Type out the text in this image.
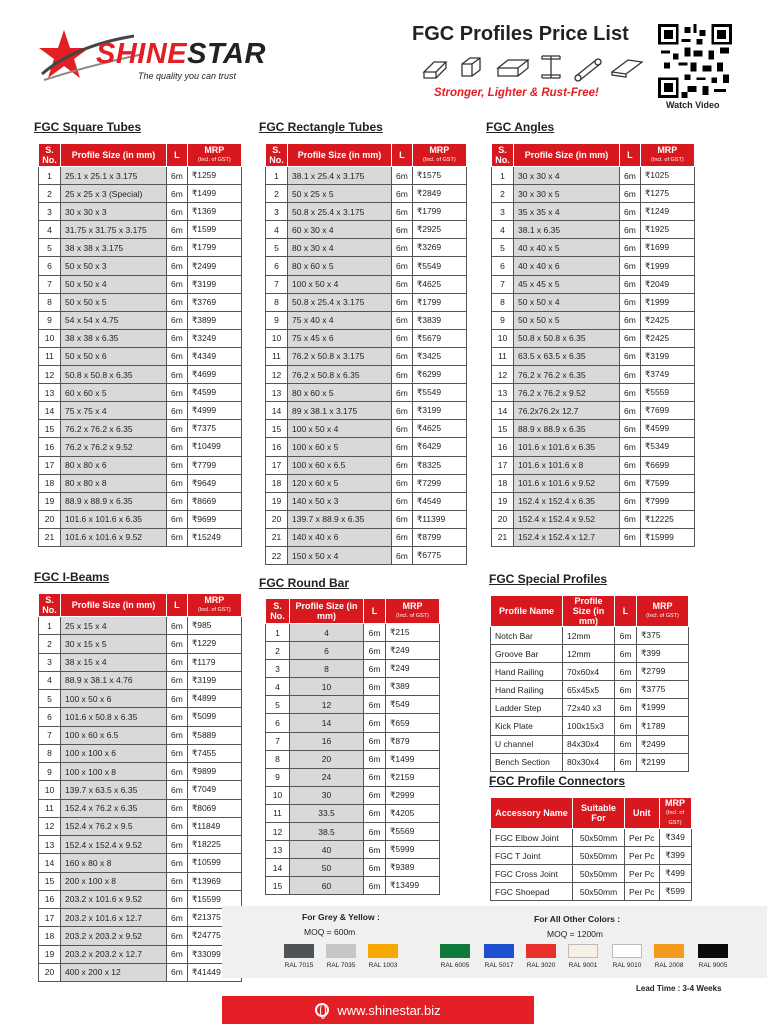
SHINESTAR
The quality you can trust
FGC Profiles Price List
Stronger, Lighter & Rust-Free!
Watch Video
FGC Square Tubes	FGC Rectangle Tubes	FGC Angles
FGC I-Beams	FGC Round Bar	FGC Special Profiles
FGC Profile Connectors
S. No.	Profile Size (in mm)	L	MRP
(Incl. of GST)

1	25.1 x 25.1 x 3.175	6m	₹1259
2	25 x 25 x 3 (Special)	6m	₹1499
3	30 x 30 x 3	6m	₹1369
4	31.75 x 31.75 x 3.175	6m	₹1599
5	38 x 38 x 3.175	6m	₹1799
6	50 x 50 x 3	6m	₹2499
7	50 x 50 x 4	6m	₹3199
8	50 x 50 x 5	6m	₹3769
9	54 x 54 x 4.75	6m	₹3899
10	38 x 38 x 6.35	6m	₹3249
11	50 x 50 x 6	6m	₹4349
12	50.8 x 50.8 x 6.35	6m	₹4699
13	60 x 60 x 5	6m	₹4599
14	75 x 75 x 4	6m	₹4999
15	76.2 x 76.2 x 6.35	6m	₹7375
16	76.2 x 76.2 x 9.52	6m	₹10499
17	80 x 80 x 6	6m	₹7799
18	80 x 80 x 8	6m	₹9649
19	88.9 x 88.9 x 6.35	6m	₹8669
20	101.6 x 101.6 x 6.35	6m	₹9699
21	101.6 x 101.6 x 9.52	6m	₹15249
S. No.	Profile Size (in mm)	L	MRP
(Incl. of GST)

1	38.1 x 25.4 x 3.175	6m	₹1575
2	50 x 25 x 5	6m	₹2849
3	50.8 x 25.4 x 3.175	6m	₹1799
4	60 x 30 x 4	6m	₹2925
5	80 x 30 x 4	6m	₹3269
6	80 x 60 x 5	6m	₹5549
7	100 x 50 x 4	6m	₹4625
8	50.8 x 25.4 x 3.175	6m	₹1799
9	75 x 40 x 4	6m	₹3839
10	75 x 45 x 6	6m	₹5679
11	76.2 x 50.8 x 3.175	6m	₹3425
12	76.2 x 50.8 x 6.35	6m	₹6299
13	80 x 60 x 5	6m	₹5549
14	89 x 38.1 x 3.175	6m	₹3199
15	100 x 50 x 4	6m	₹4625
16	100 x 60 x 5	6m	₹6429
17	100 x 60 x 6.5	6m	₹8325
18	120 x 60 x 5	6m	₹7299
19	140 x 50 x 3	6m	₹4549
20	139.7 x 88.9 x 6.35	6m	₹11399
21	140 x 40 x 6	6m	₹8799
22	150 x 50 x 4	6m	₹6775
S. No.	Profile Size (in mm)	L	MRP
(Incl. of GST)

1	30 x 30 x 4	6m	₹1025
2	30 x 30 x 5	6m	₹1275
3	35 x 35 x 4	6m	₹1249
4	38.1 x 6.35	6m	₹1925
5	40 x 40 x 5	6m	₹1699
6	40 x 40 x 6	6m	₹1999
7	45 x 45 x 5	6m	₹2049
8	50 x 50 x 4	6m	₹1999
9	50 x 50 x 5	6m	₹2425
10	50.8 x 50.8 x 6.35	6m	₹2425
11	63.5 x 63.5 x 6.35	6m	₹3199
12	76.2 x 76.2 x 6.35	6m	₹3749
13	76.2 x 76.2 x 9.52	6m	₹5559
14	76.2x76.2x 12.7	6m	₹7699
15	88.9 x 88.9 x 6.35	6m	₹4599
16	101.6 x 101.6 x 6.35	6m	₹5349
17	101.6 x 101.6 x 8	6m	₹6699
18	101.6 x 101.6 x 9.52	6m	₹7599
19	152.4 x 152.4 x 6.35	6m	₹7999
20	152.4 x 152.4 x 9.52	6m	₹12225
21	152.4 x 152.4 x 12.7	6m	₹15999
S. No.	Profile Size (in mm)	L	MRP
(Incl. of GST)

1	25 x 15 x 4	6m	₹985
2	30 x 15 x 5	6m	₹1229
3	38 x 15 x 4	6m	₹1179
4	88.9 x 38.1 x 4.76	6m	₹3199
5	100 x 50 x 6	6m	₹4899
6	101.6 x 50.8 x 6.35	6m	₹5099
7	100 x 60 x 6.5	6m	₹5889
8	100 x 100 x 6	6m	₹7455
9	100 x 100 x 8	6m	₹9899
10	139.7 x 63.5 x 6.35	6m	₹7049
11	152.4 x 76.2 x 6.35	6m	₹8069
12	152.4 x 76.2 x 9.5	6m	₹11849
13	152.4 x 152.4 x 9.52	6m	₹18225
14	160 x 80 x 8	6m	₹10599
15	200 x 100 x 8	6m	₹13969
16	203.2 x 101.6 x 9.52	6m	₹15599
17	203.2 x 101.6 x 12.7	6m	₹21375
18	203.2 x 203.2 x 9.52	6m	₹24775
19	203.2 x 203.2 x 12.7	6m	₹33099
20	400 x 200 x 12	6m	₹41449
S. No.	Profile Size (in mm)	L	MRP
(Incl. of GST)

1	4	6m	₹215
2	6	6m	₹249
3	8	6m	₹249
4	10	6m	₹389
5	12	6m	₹549
6	14	6m	₹659
7	16	6m	₹879
8	20	6m	₹1499
9	24	6m	₹2159
10	30	6m	₹2999
11	33.5	6m	₹4205
12	38.5	6m	₹5569
13	40	6m	₹5999
14	50	6m	₹9389
15	60	6m	₹13499
Profile Name	Profile Size (in mm)	L	MRP
(Incl. of GST)

Notch Bar	12mm	6m	₹375
Groove Bar	12mm	6m	₹399
Hand Railing	70x60x4	6m	₹2799
Hand Railing	65x45x5	6m	₹3775
Ladder Step	72x40 x3	6m	₹1999
Kick Plate	100x15x3	6m	₹1789
U channel	84x30x4	6m	₹2499
Bench Section	80x30x4	6m	₹2199
Accessory Name	Suitable For	Unit	MRP
(Incl. of GST)

FGC Elbow Joint	50x50mm	Per Pc	₹349
FGC T Joint	50x50mm	Per Pc	₹399
FGC Cross Joint	50x50mm	Per Pc	₹499
FGC Shoepad	50x50mm	Per Pc	₹599
For Grey & Yellow :
MOQ = 600m
For All Other Colors :
MOQ = 1200m
RAL 7015	RAL 7035	RAL 1003	RAL 6005	RAL 5017	RAL 3020	RAL 9001	RAL 9010	RAL 2008	RAL 9005
Lead Time : 3-4 Weeks
www.shinestar.biz
